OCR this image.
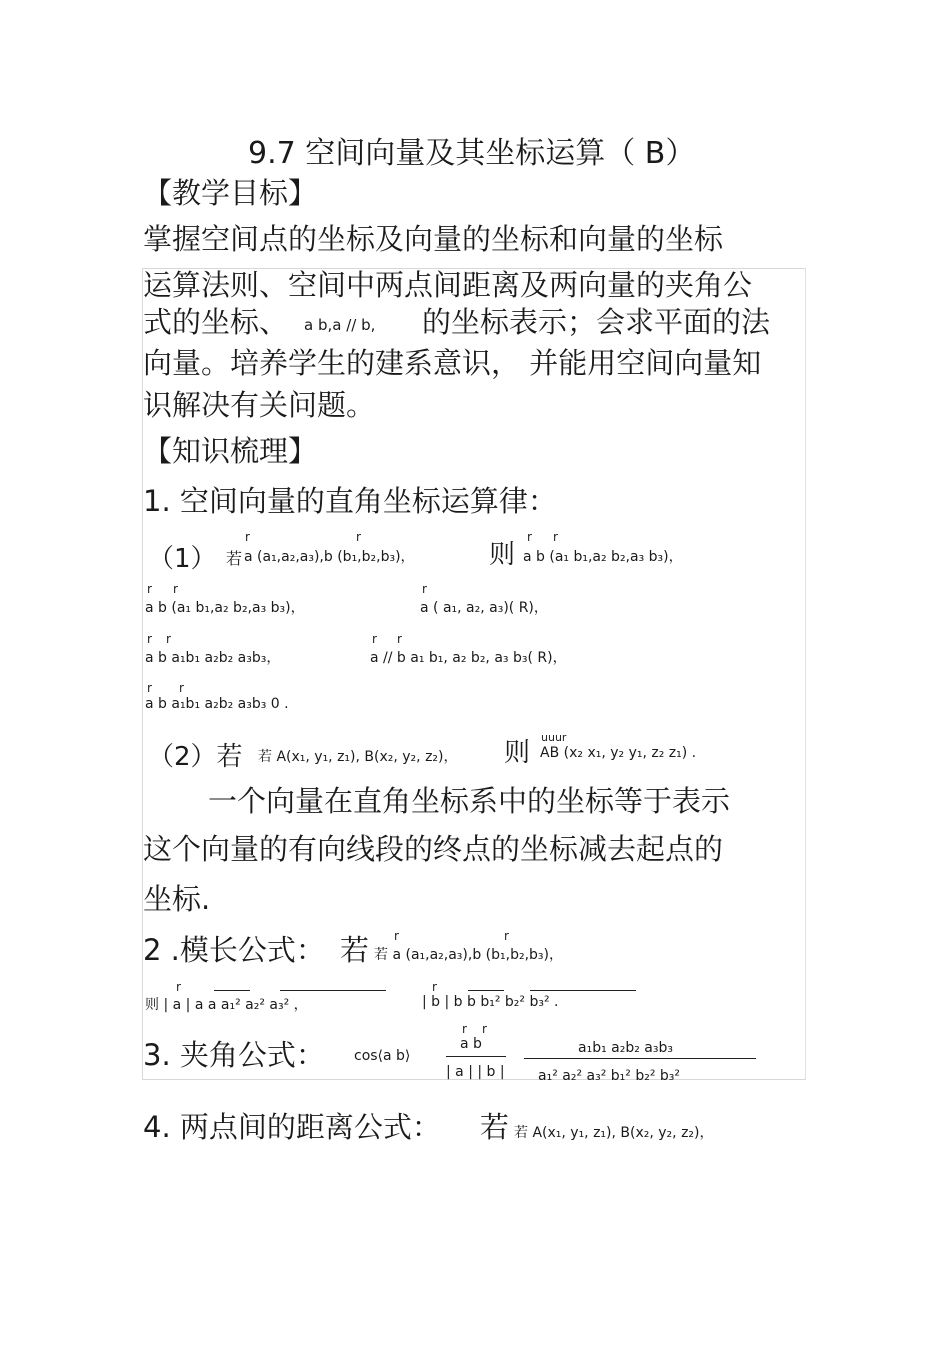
9.7 空间向量及其坐标运算（ B）
【教学目标】
掌握空间点的坐标及向量的坐标和向量的坐标
运算法则、空间中两点间距离及两向量的夹角公
式的坐标、 a b,a // b, 的坐标表示；会求平面的法
向量。培养学生的建系意识， 并能用空间向量知
识解决有关问题。
【知识梳理】
1. 空间向量的直角坐标运算律：
（1） 若
r	r
a (a₁,a₂,a₃),b (b₁,b₂,b₃)，	则
r r
a b (a₁ b₁,a₂ b₂,a₃ b₃)，
r r
a b (a₁ b₁,a₂ b₂,a₃ b₃)，
r
a ( a₁, a₂, a₃)( R)，
r r
a b a₁b₁ a₂b₂ a₃b₃，
r r
a // b a₁ b₁, a₂ b₂, a₃ b₃( R)，
r r
a b a₁b₁ a₂b₂ a₃b₃ 0 .
（2）若 若 A(x₁, y₁, z₁), B(x₂, y₂, z₂)， 则
uuur
AB (x₂ x₁, y₂ y₁, z₂ z₁) .
一个向量在直角坐标系中的坐标等于表示
这个向量的有向线段的终点的坐标减去起点的
坐标.
2 .模长公式： 若 r	r
若 a (a₁,a₂,a₃),b (b₁,b₂,b₃)，
r
则 | a | a a a₁² a₂² a₃² ，
r
| b | b b b₁² b₂² b₃² .
3. 夹角公式： cos⟨a b⟩
r r
a b
| a | | b |
a₁b₁ a₂b₂ a₃b₃
a₁² a₂² a₃² b₁² b₂² b₃²
4. 两点间的距离公式： 若 若 A(x₁, y₁, z₁), B(x₂, y₂, z₂)，
